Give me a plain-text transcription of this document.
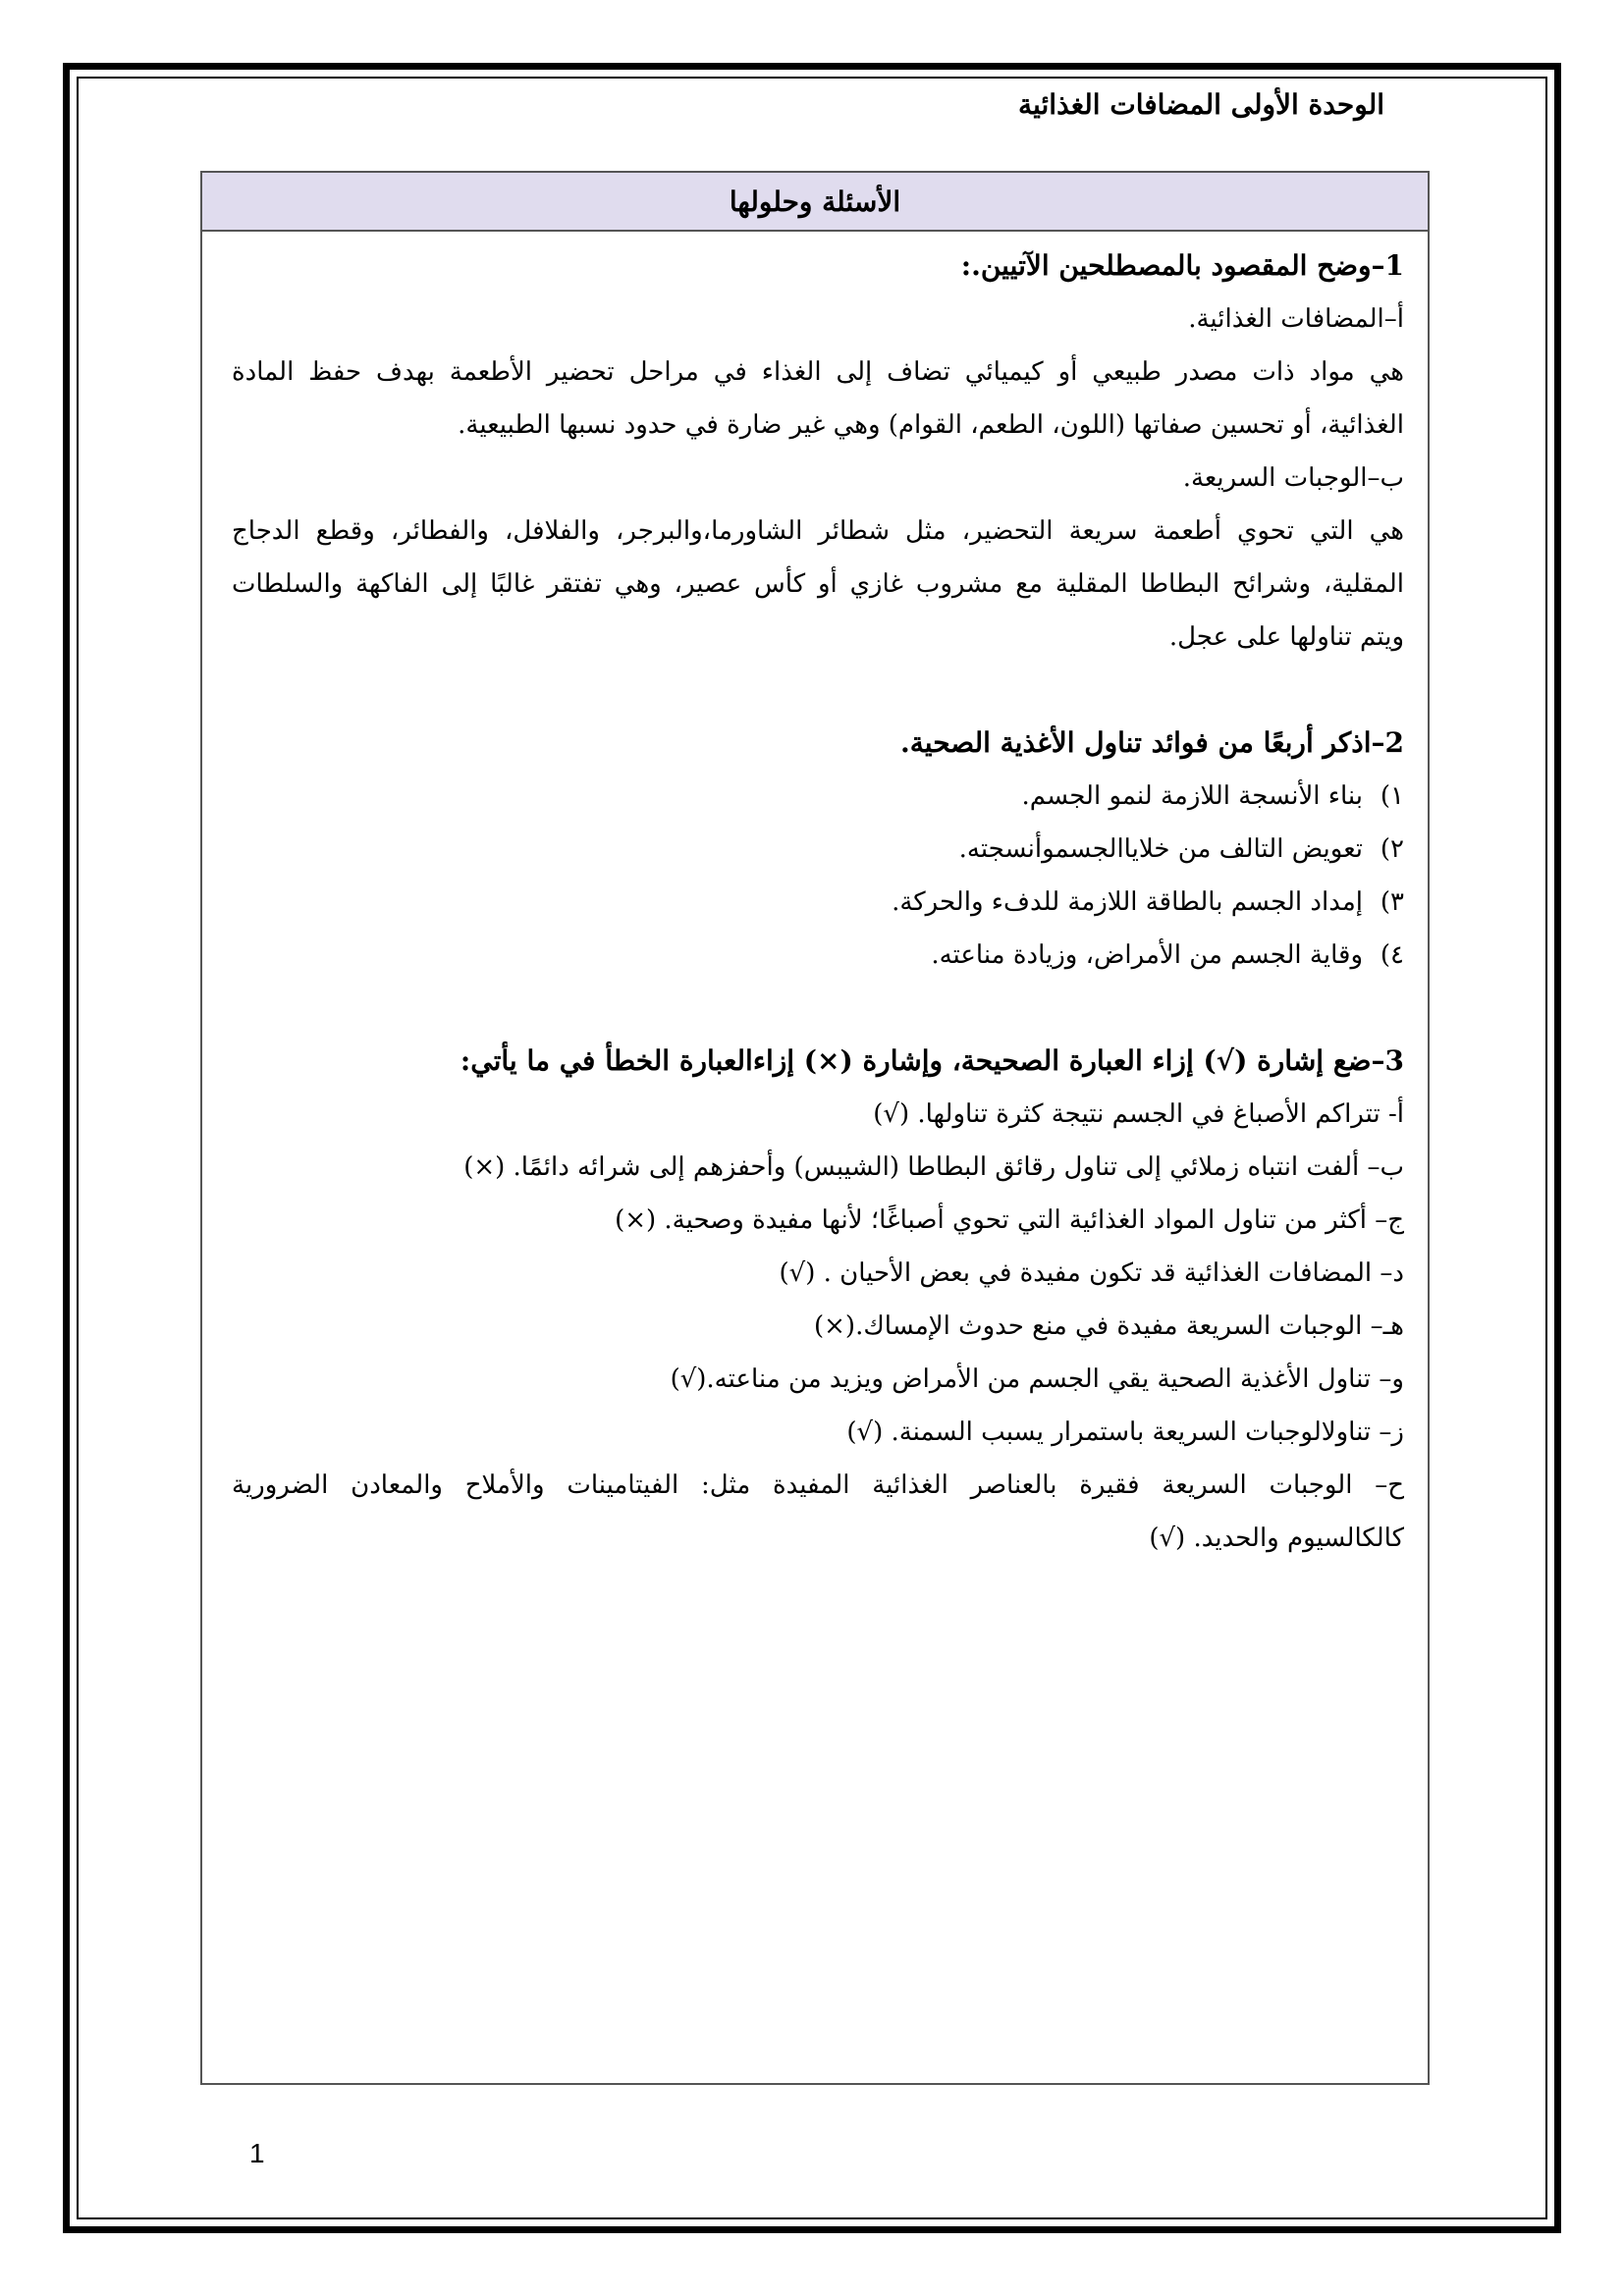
الوحدة الأولى المضافات الغذائية
الأسئلة وحلولها
1–وضح المقصود بالمصطلحين الآتيين.:
أ–المضافات الغذائية.
هي مواد ذات مصدر طبيعي أو كيميائي تضاف إلى الغذاء في مراحل تحضير الأطعمة بهدف حفظ المادة
الغذائية، أو تحسين صفاتها (اللون، الطعم، القوام) وهي غير ضارة في حدود نسبها الطبيعية.
ب–الوجبات السريعة.
هي التي تحوي أطعمة سريعة التحضير، مثل شطائر الشاورما،والبرجر، والفلافل، والفطائر، وقطع الدجاج
المقلية، وشرائح البطاطا المقلية مع مشروب غازي أو كأس عصير، وهي تفتقر غالبًا إلى الفاكهة والسلطات
ويتم تناولها على عجل.
2–اذكر أربعًا من فوائد تناول الأغذية الصحية.
١)بناء الأنسجة اللازمة لنمو الجسم.
٢)تعويض التالف من خلاياالجسموأنسجته.
٣)إمداد الجسم بالطاقة اللازمة للدفء والحركة.
٤)وقاية الجسم من الأمراض، وزيادة مناعته.
3–ضع إشارة (√) إزاء العبارة الصحيحة، وإشارة (×) إزاءالعبارة الخطأ في ما يأتي:
أ- تتراكم الأصباغ في الجسم نتيجة كثرة تناولها. (√)
ب– ألفت انتباه زملائي إلى تناول رقائق البطاطا (الشيبس) وأحفزهم إلى شرائه دائمًا. (×)
ج– أكثر من تناول المواد الغذائية التي تحوي أصباغًا؛ لأنها مفيدة وصحية. (×)
د– المضافات الغذائية قد تكون مفيدة في بعض الأحيان . (√)
هـ– الوجبات السريعة مفيدة في منع حدوث الإمساك.(×)
و– تناول الأغذية الصحية يقي الجسم من الأمراض ويزيد من مناعته.(√)
ز– تناولالوجبات السريعة باستمرار يسبب السمنة. (√)
ح– الوجبات السريعة فقيرة بالعناصر الغذائية المفيدة مثل: الفيتامينات والأملاح والمعادن الضرورية
كالكالسيوم والحديد. (√)
1
